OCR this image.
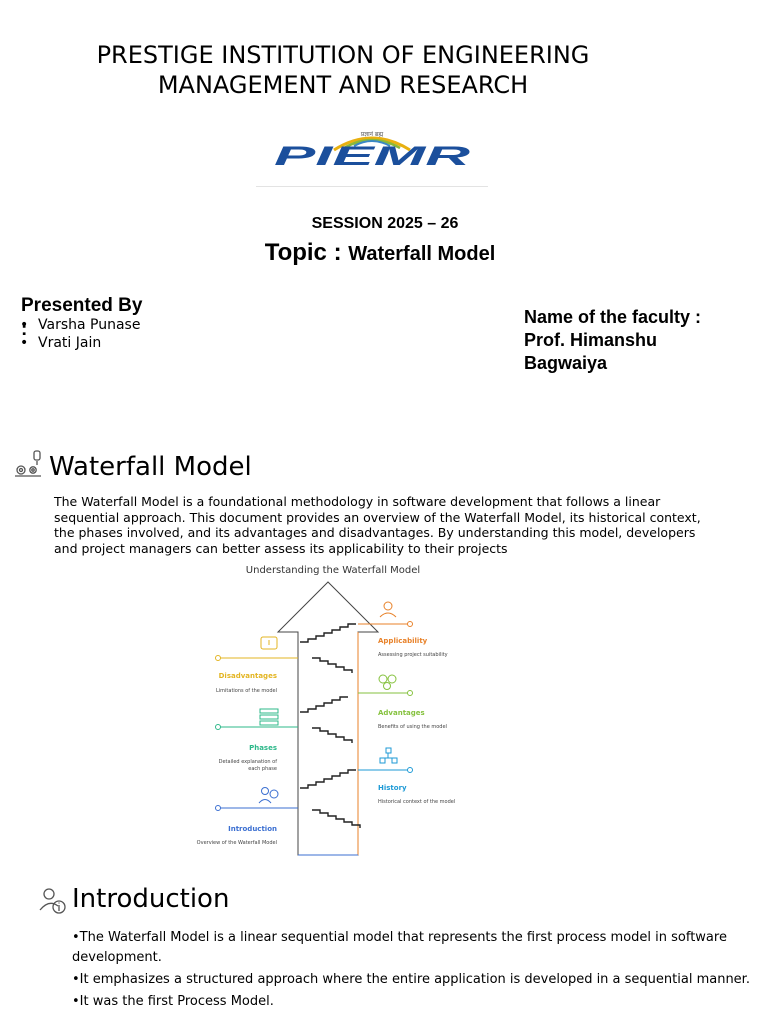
PRESTIGE INSTITUTION OF ENGINEERING
MANAGEMENT AND RESEARCH
प्रज्ञानं ब्रह्म
PIEMR
SESSION 2025 – 26
Topic : Waterfall Model
Presented By :
• Varsha Punase
• Vrati Jain
Name of the faculty :
Prof. Himanshu Bagwaiya
Waterfall Model
The Waterfall Model is a foundational methodology in software development that follows a linear sequential approach. This document provides an overview of the Waterfall Model, its historical context, the phases involved, and its advantages and disadvantages. By understanding this model, developers and project managers can better assess its applicability to their projects
Understanding the Waterfall Model
Applicability
Assessing project suitability
Disadvantages
Limitations of the model
Advantages
Benefits of using the model
Phases
Detailed explanation of each phase
History
Historical context of the model
Introduction
Overview of the Waterfall Model
Introduction
• The Waterfall Model is a linear sequential model that represents the first process model in software development.
• It emphasizes a structured approach where the entire application is developed in a sequential manner.
• It was the first Process Model.
